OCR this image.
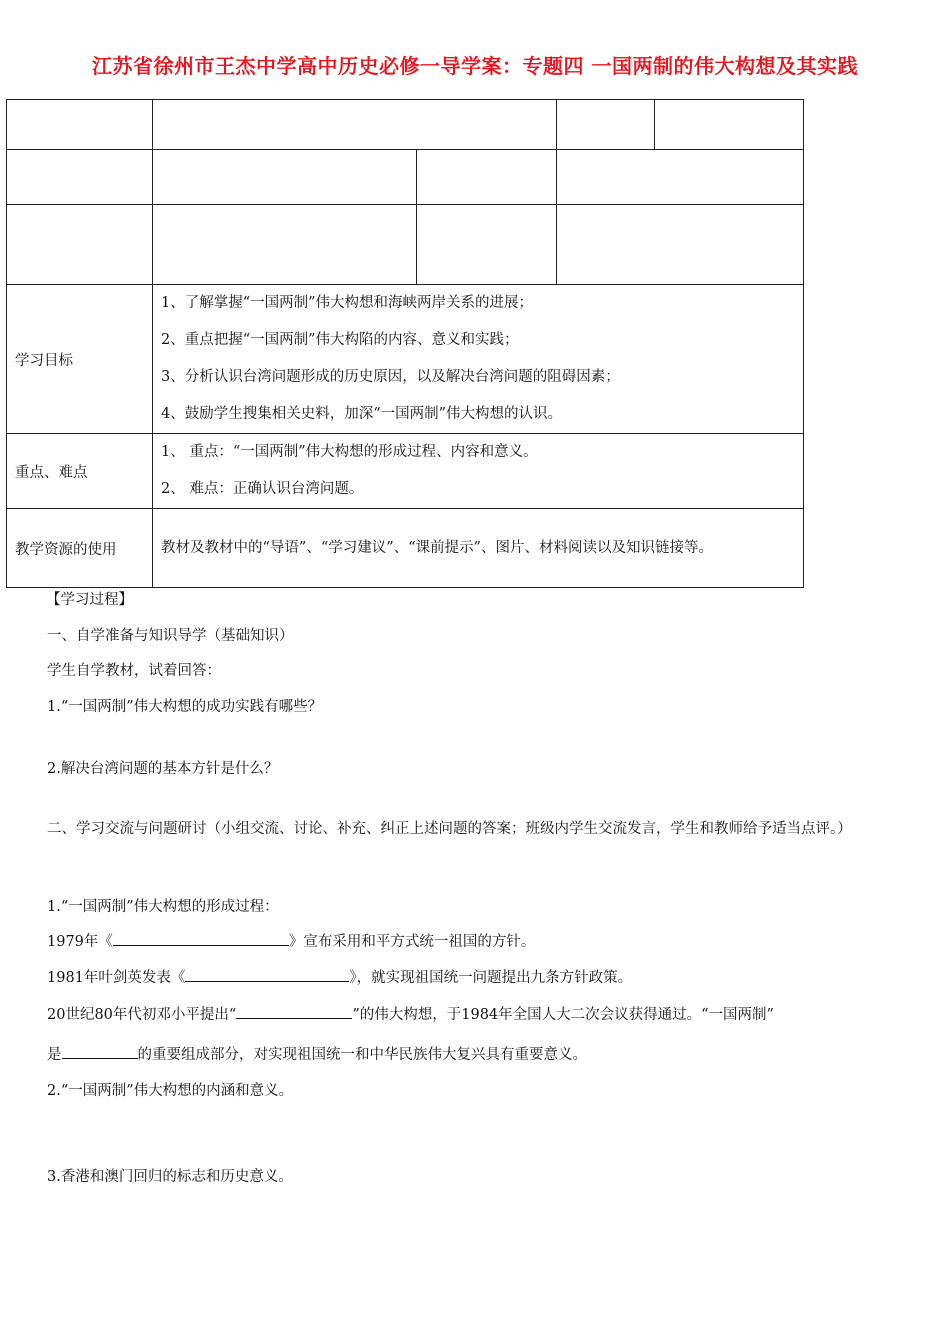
江苏省徐州市王杰中学高中历史必修一导学案：专题四 一国两制的伟大构想及其实践

学习目标	1、了解掌握“一国两制”伟大构想和海峡两岸关系的进展；
2、重点把握“一国两制”伟大构陷的内容、意义和实践；
3、分析认识台湾问题形成的历史原因，以及解决台湾问题的阻碍因素；
4、鼓励学生搜集相关史料，加深“一国两制”伟大构想的认识。			

重点、难点	1、 重点：“一国两制”伟大构想的形成过程、内容和意义。
2、 难点：正确认识台湾问题。			

教学资源的使用	教材及教材中的“导语”、“学习建议”、“课前提示”、图片、材料阅读以及知识链接等。			
【学习过程】
一、自学准备与知识导学（基础知识）
学生自学教材，试着回答：
1.“一国两制”伟大构想的成功实践有哪些？
2.解决台湾问题的基本方针是什么？
二、学习交流与问题研讨（小组交流、讨论、补充、纠正上述问题的答案；班级内学生交流发言，学生和教师给予适当点评。）
1.“一国两制”伟大构想的形成过程：
1979年《	》宣布采用和平方式统一祖国的方针。
1981年叶剑英发表《	》，就实现祖国统一问题提出九条方针政策。
20世纪80年代初邓小平提出“	”的伟大构想，于1984年全国人大二次会议获得通过。“一国两制”
是	的重要组成部分，对实现祖国统一和中华民族伟大复兴具有重要意义。
2.“一国两制”伟大构想的内涵和意义。
3.香港和澳门回归的标志和历史意义。
